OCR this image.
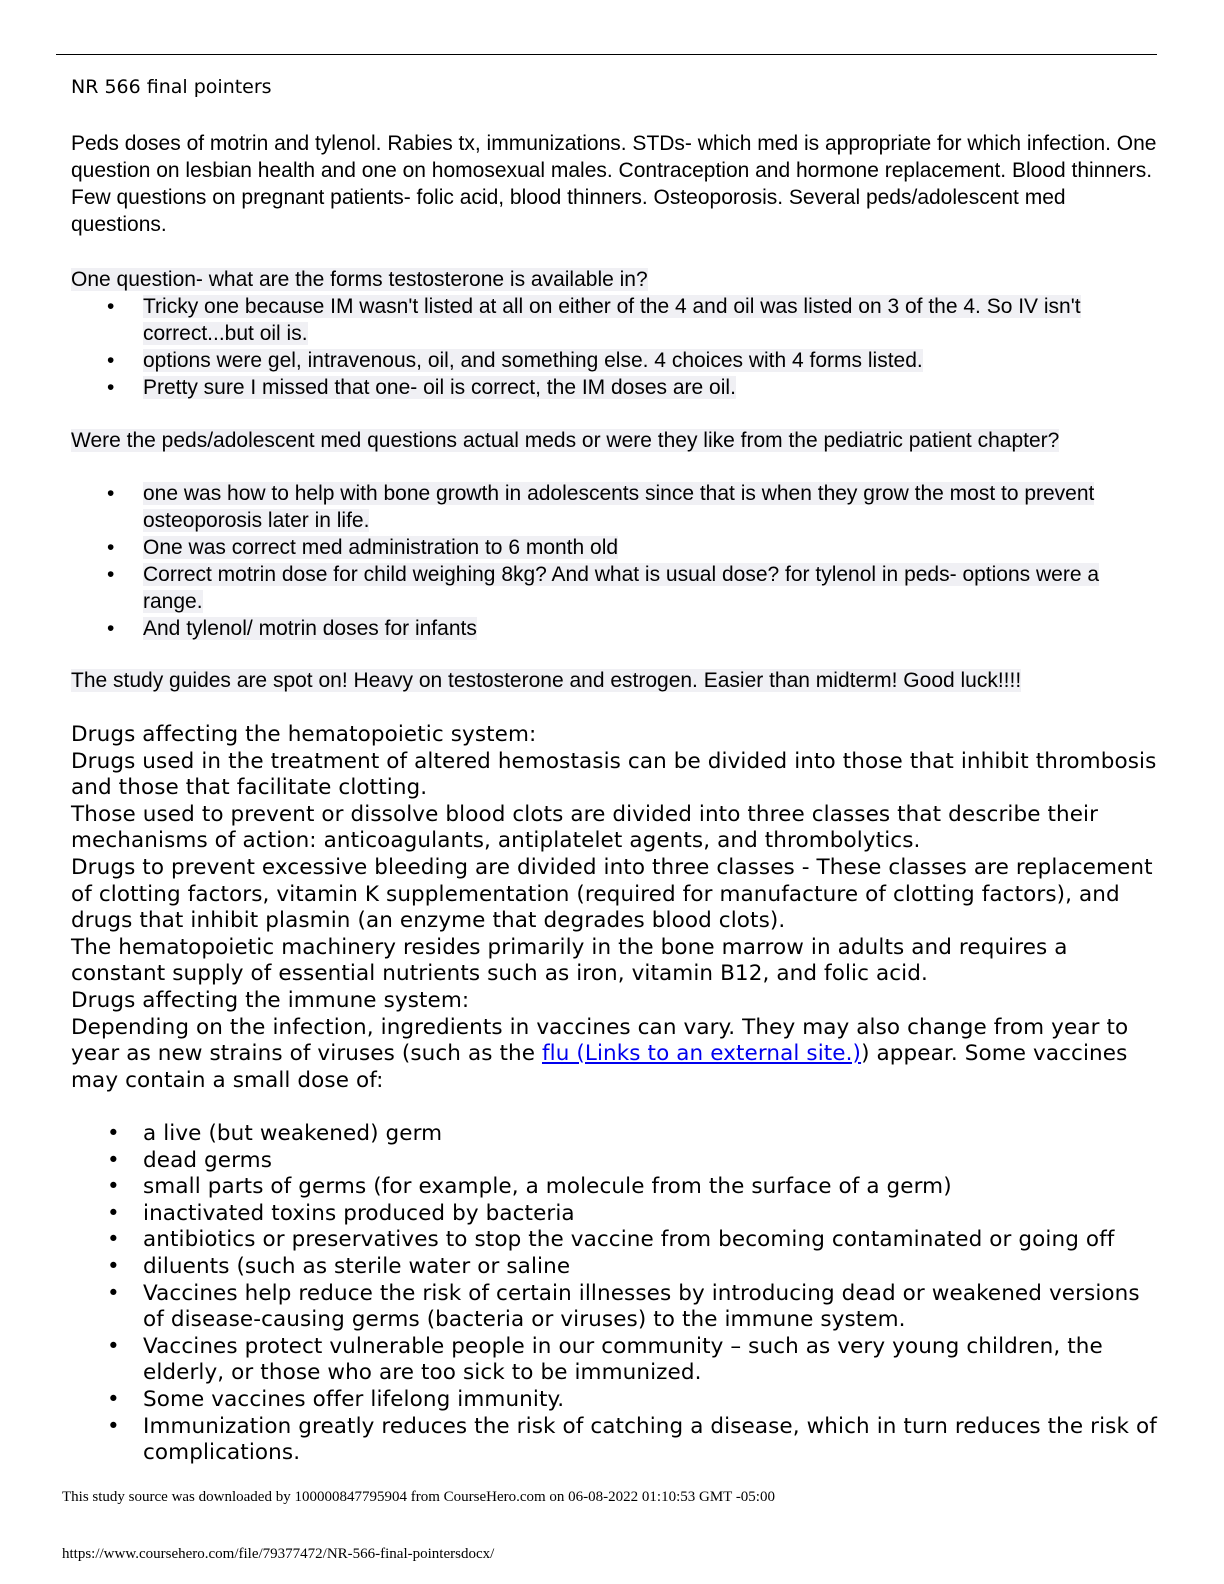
NR 566 final pointers

Peds doses of motrin and tylenol. Rabies tx, immunizations. STDs- which med is appropriate for which infection. One question on lesbian health and one on homosexual males. Contraception and hormone replacement. Blood thinners. Few questions on pregnant patients- folic acid, blood thinners. Osteoporosis. Several peds/adolescent med questions.

One question- what are the forms testosterone is available in?

• Tricky one because IM wasn't listed at all on either of the 4 and oil was listed on 3 of the 4. So IV isn't correct...but oil is.
• options were gel, intravenous, oil, and something else. 4 choices with 4 forms listed.
• Pretty sure I missed that one- oil is correct, the IM doses are oil.

Were the peds/adolescent med questions actual meds or were they like from the pediatric patient chapter?

• one was how to help with bone growth in adolescents since that is when they grow the most to prevent osteoporosis later in life.
• One was correct med administration to 6 month old
• Correct motrin dose for child weighing 8kg? And what is usual dose? for tylenol in peds- options were a range.
• And tylenol/ motrin doses for infants

The study guides are spot on! Heavy on testosterone and estrogen. Easier than midterm! Good luck!!!!

Drugs affecting the hematopoietic system:
Drugs used in the treatment of altered hemostasis can be divided into those that inhibit thrombosis and those that facilitate clotting.
Those used to prevent or dissolve blood clots are divided into three classes that describe their mechanisms of action: anticoagulants, antiplatelet agents, and thrombolytics.
Drugs to prevent excessive bleeding are divided into three classes - These classes are replacement of clotting factors, vitamin K supplementation (required for manufacture of clotting factors), and drugs that inhibit plasmin (an enzyme that degrades blood clots).
The hematopoietic machinery resides primarily in the bone marrow in adults and requires a constant supply of essential nutrients such as iron, vitamin B12, and folic acid.
Drugs affecting the immune system:
Depending on the infection, ingredients in vaccines can vary. They may also change from year to year as new strains of viruses (such as the flu (Links to an external site.)) appear. Some vaccines may contain a small dose of:
• a live (but weakened) germ
• dead germs
• small parts of germs (for example, a molecule from the surface of a germ)
• inactivated toxins produced by bacteria
• antibiotics or preservatives to stop the vaccine from becoming contaminated or going off
• diluents (such as sterile water or saline
• Vaccines help reduce the risk of certain illnesses by introducing dead or weakened versions of disease-causing germs (bacteria or viruses) to the immune system.
• Vaccines protect vulnerable people in our community – such as very young children, the elderly, or those who are too sick to be immunized.
• Some vaccines offer lifelong immunity.
• Immunization greatly reduces the risk of catching a disease, which in turn reduces the risk of complications.
This study source was downloaded by 100000847795904 from CourseHero.com on 06-08-2022 01:10:53 GMT -05:00
https://www.coursehero.com/file/79377472/NR-566-final-pointersdocx/
